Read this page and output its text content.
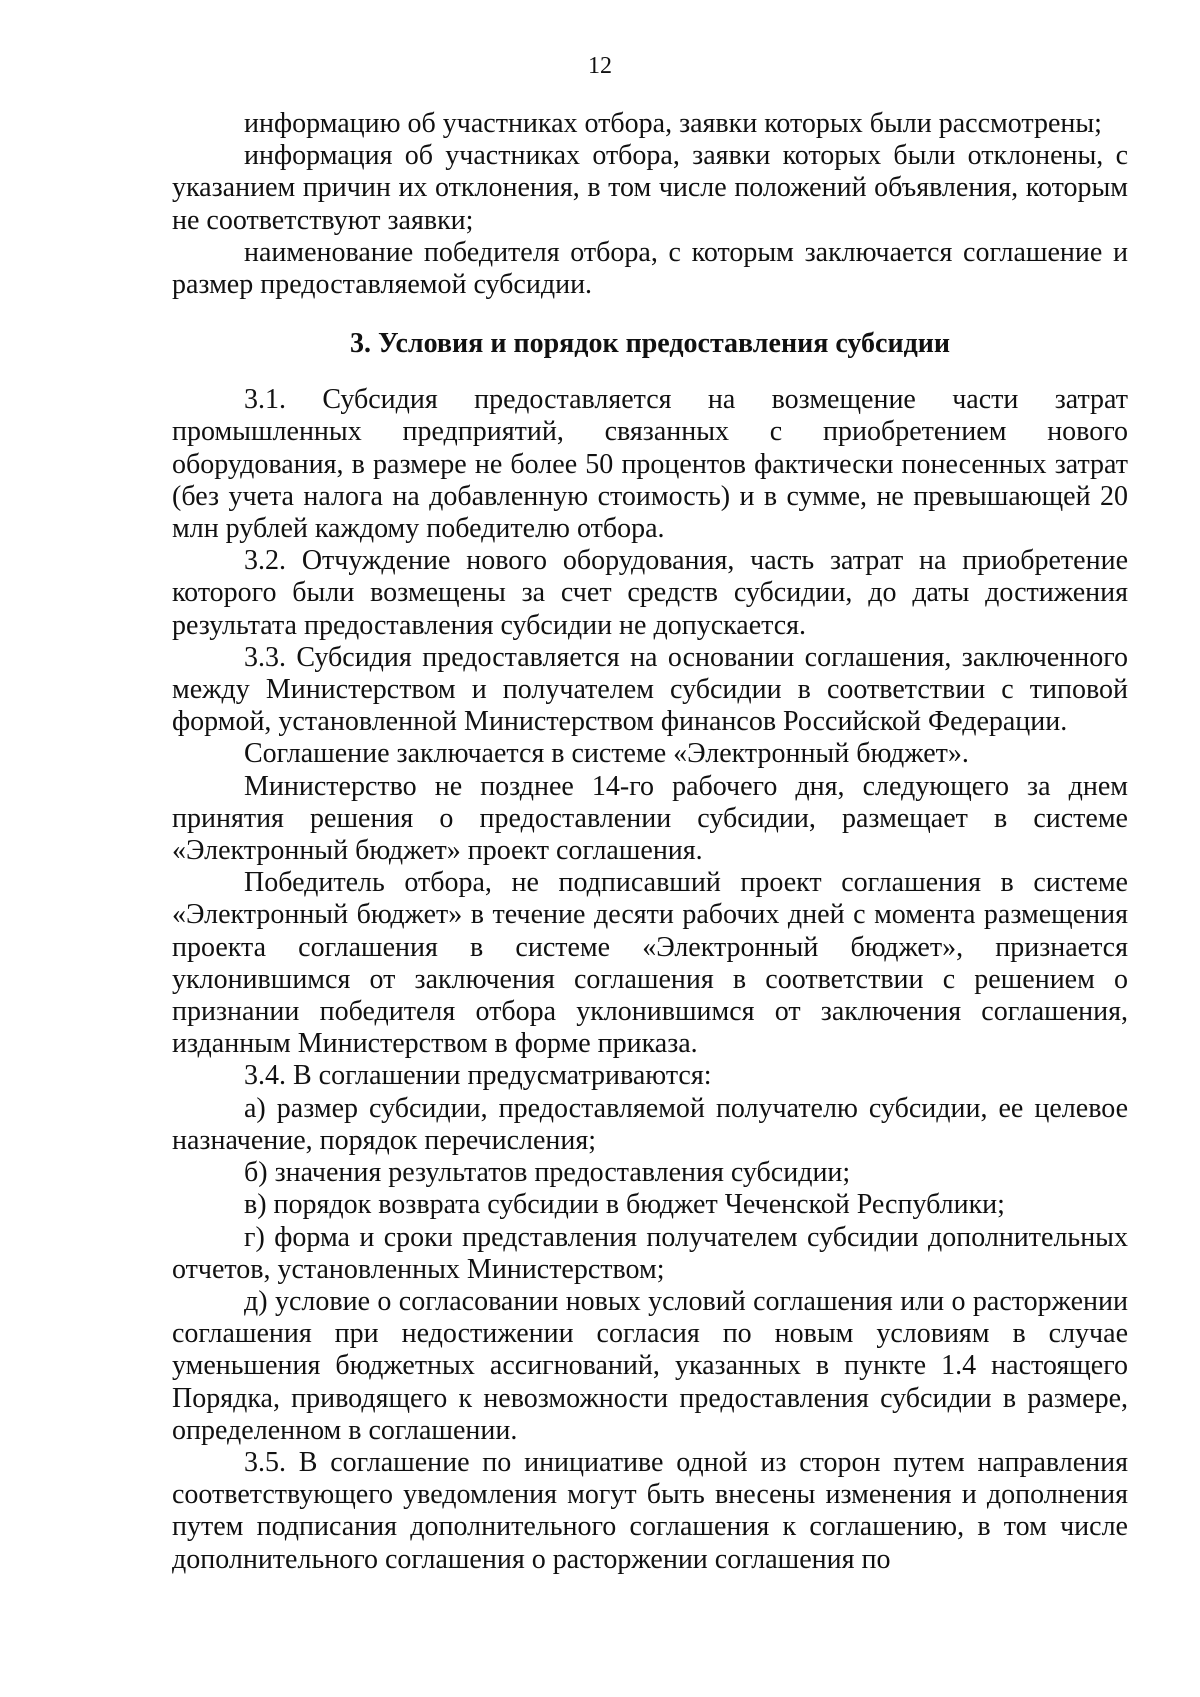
12

информацию об участниках отбора, заявки которых были рассмотрены;

информация об участниках отбора, заявки которых были отклонены, с указанием причин их отклонения, в том числе положений объявления, которым не соответствуют заявки;

наименование победителя отбора, с которым заключается соглашение и размер предоставляемой субсидии.

3. Условия и порядок предоставления субсидии

3.1. Субсидия предоставляется на возмещение части затрат промышленных предприятий, связанных с приобретением нового оборудования, в размере не более 50 процентов фактически понесенных затрат (без учета налога на добавленную стоимость) и в сумме, не превышающей 20 млн рублей каждому победителю отбора.

3.2. Отчуждение нового оборудования, часть затрат на приобретение которого были возмещены за счет средств субсидии, до даты достижения результата предоставления субсидии не допускается.

3.3. Субсидия предоставляется на основании соглашения, заключенного между Министерством и получателем субсидии в соответствии с типовой формой, установленной Министерством финансов Российской Федерации.

Соглашение заключается в системе «Электронный бюджет».

Министерство не позднее 14-го рабочего дня, следующего за днем принятия решения о предоставлении субсидии, размещает в системе «Электронный бюджет» проект соглашения.

Победитель отбора, не подписавший проект соглашения в системе «Электронный бюджет» в течение десяти рабочих дней с момента размещения проекта соглашения в системе «Электронный бюджет», признается уклонившимся от заключения соглашения в соответствии с решением о признании победителя отбора уклонившимся от заключения соглашения, изданным Министерством в форме приказа.

3.4. В соглашении предусматриваются:

а) размер субсидии, предоставляемой получателю субсидии, ее целевое назначение, порядок перечисления;

б) значения результатов предоставления субсидии;

в) порядок возврата субсидии в бюджет Чеченской Республики;

г) форма и сроки представления получателем субсидии дополнительных отчетов, установленных Министерством;

д) условие о согласовании новых условий соглашения или о расторжении соглашения при недостижении согласия по новым условиям в случае уменьшения бюджетных ассигнований, указанных в пункте 1.4 настоящего Порядка, приводящего к невозможности предоставления субсидии в размере, определенном в соглашении.

3.5. В соглашение по инициативе одной из сторон путем направления соответствующего уведомления могут быть внесены изменения и дополнения путем подписания дополнительного соглашения к соглашению, в том числе дополнительного соглашения о расторжении соглашения по
